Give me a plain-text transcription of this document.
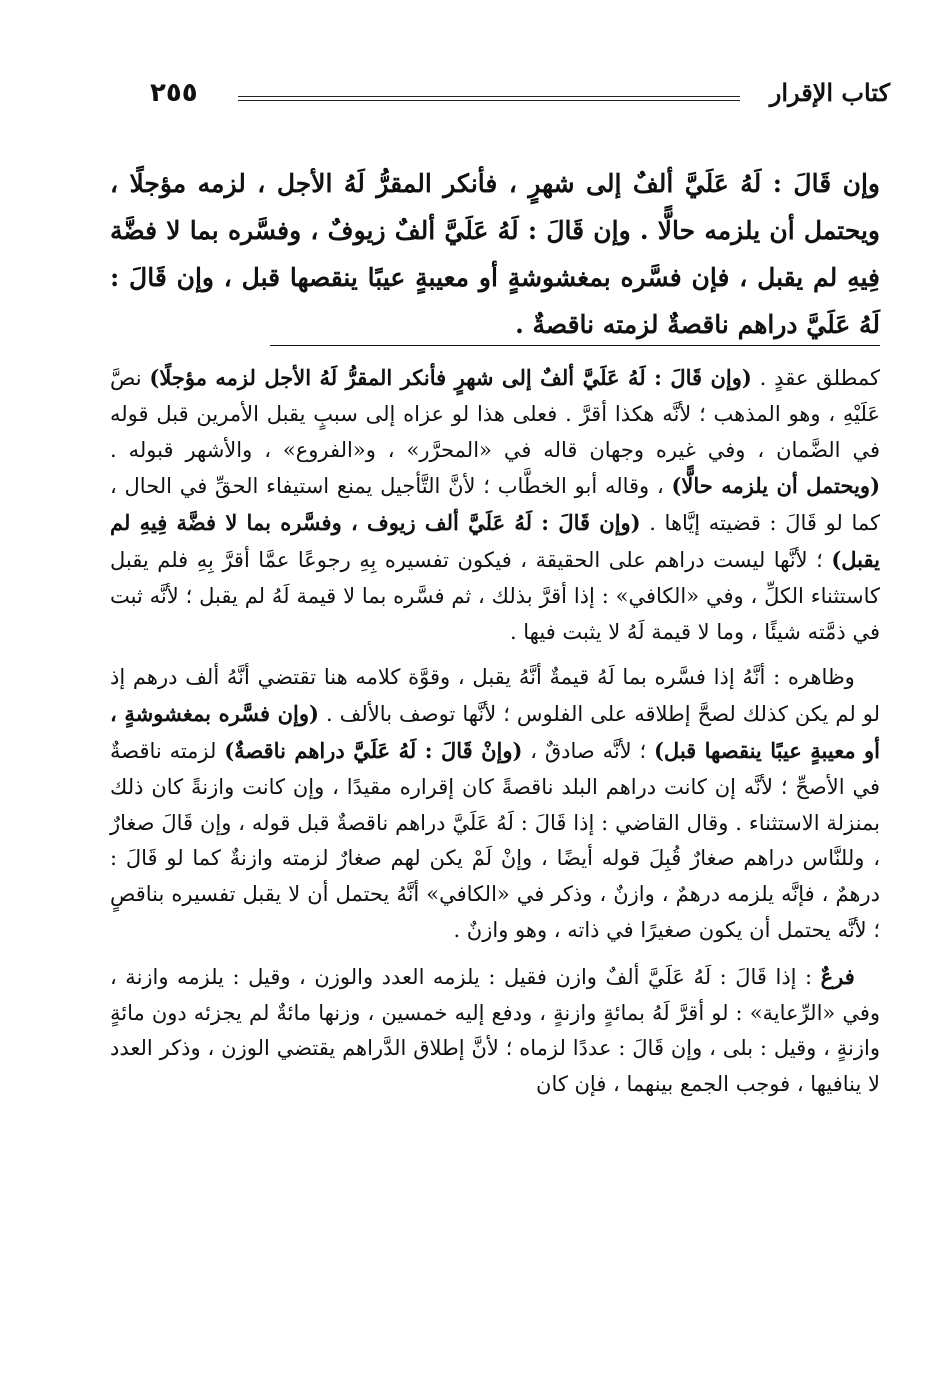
٢٥٥	كتاب الإقرار
وإن قَالَ : لَهُ عَلَيَّ ألفٌ إلى شهرٍ ، فأنكر المقرُّ لَهُ الأجل ، لزمه مؤجلًا ، ويحتمل أن يلزمه حالًّا . وإن قَالَ : لَهُ عَلَيَّ ألفٌ زيوفٌ ، وفسَّره بما لا فضَّة فِيهِ لم يقبل ، فإن فسَّره بمغشوشةٍ أو معيبةٍ عيبًا ينقصها قبل ، وإن قَالَ : لَهُ عَلَيَّ دراهم ناقصةٌ لزمته ناقصةٌ .

كمطلق عقدٍ . (وإن قَالَ : لَهُ عَلَيَّ ألفٌ إلى شهرٍ فأنكر المقرُّ لَهُ الأجل لزمه مؤجلًا) نصَّ عَلَيْهِ ، وهو المذهب ؛ لأنَّه هكذا أقرَّ . فعلى هذا لو عزاه إلى سببٍ يقبل الأمرين قبل قوله في الضَّمان ، وفي غيره وجهان قاله في «المحرَّر» ، و«الفروع» ، والأشهر قبوله . (ويحتمل أن يلزمه حالًّا) ، وقاله أبو الخطَّاب ؛ لأنَّ التَّأجيل يمنع استيفاء الحقِّ في الحال ، كما لو قَالَ : قضيته إيَّاها . (وإن قَالَ : لَهُ عَلَيَّ ألف زيوف ، وفسَّره بما لا فضَّة فِيهِ لم يقبل) ؛ لأنَّها ليست دراهم على الحقيقة ، فيكون تفسيره بِهِ رجوعًا عمَّا أقرَّ بِهِ فلم يقبل كاستثناء الكلِّ ، وفي «الكافي» : إذا أقرَّ بذلك ، ثم فسَّره بما لا قيمة لَهُ لم يقبل ؛ لأنَّه ثبت في ذمَّته شيئًا ، وما لا قيمة لَهُ لا يثبت فيها .

وظاهره : أنَّهُ إذا فسَّره بما لَهُ قيمةٌ أنَّهُ يقبل ، وقوَّة كلامه هنا تقتضي أنَّهُ ألف درهم إذ لو لم يكن كذلك لصحَّ إطلاقه على الفلوس ؛ لأنَّها توصف بالألف . (وإن فسَّره بمغشوشةٍ ، أو معيبةٍ عيبًا ينقصها قبل) ؛ لأنَّه صادقٌ ، (وإنْ قَالَ : لَهُ عَلَيَّ دراهم ناقصةٌ) لزمته ناقصةٌ في الأصحِّ ؛ لأنَّه إن كانت دراهم البلد ناقصةً كان إقراره مقيدًا ، وإن كانت وازنةً كان ذلك بمنزلة الاستثناء . وقال القاضي : إذا قَالَ : لَهُ عَلَيَّ دراهم ناقصةٌ قبل قوله ، وإن قَالَ صغارٌ ، وللنَّاس دراهم صغارٌ قُبِلَ قوله أيضًا ، وإنْ لَمْ يكن لهم صغارٌ لزمته وازنةٌ كما لو قَالَ : درهمٌ ، فإنَّه يلزمه درهمٌ ، وازنٌ ، وذكر في «الكافي» أنَّهُ يحتمل أن لا يقبل تفسيره بناقصٍ ؛ لأنَّه يحتمل أن يكون صغيرًا في ذاته ، وهو وازنٌ .

فرعٌ : إذا قَالَ : لَهُ عَلَيَّ ألفٌ وازن فقيل : يلزمه العدد والوزن ، وقيل : يلزمه وازنة ، وفي «الرِّعاية» : لو أقرَّ لَهُ بمائةٍ وازنةٍ ، ودفع إليه خمسين ، وزنها مائةٌ لم يجزئه دون مائةٍ وازنةٍ ، وقيل : بلى ، وإن قَالَ : عددًا لزماه ؛ لأنَّ إطلاق الدَّراهم يقتضي الوزن ، وذكر العدد لا ينافيها ، فوجب الجمع بينهما ، فإن كان
